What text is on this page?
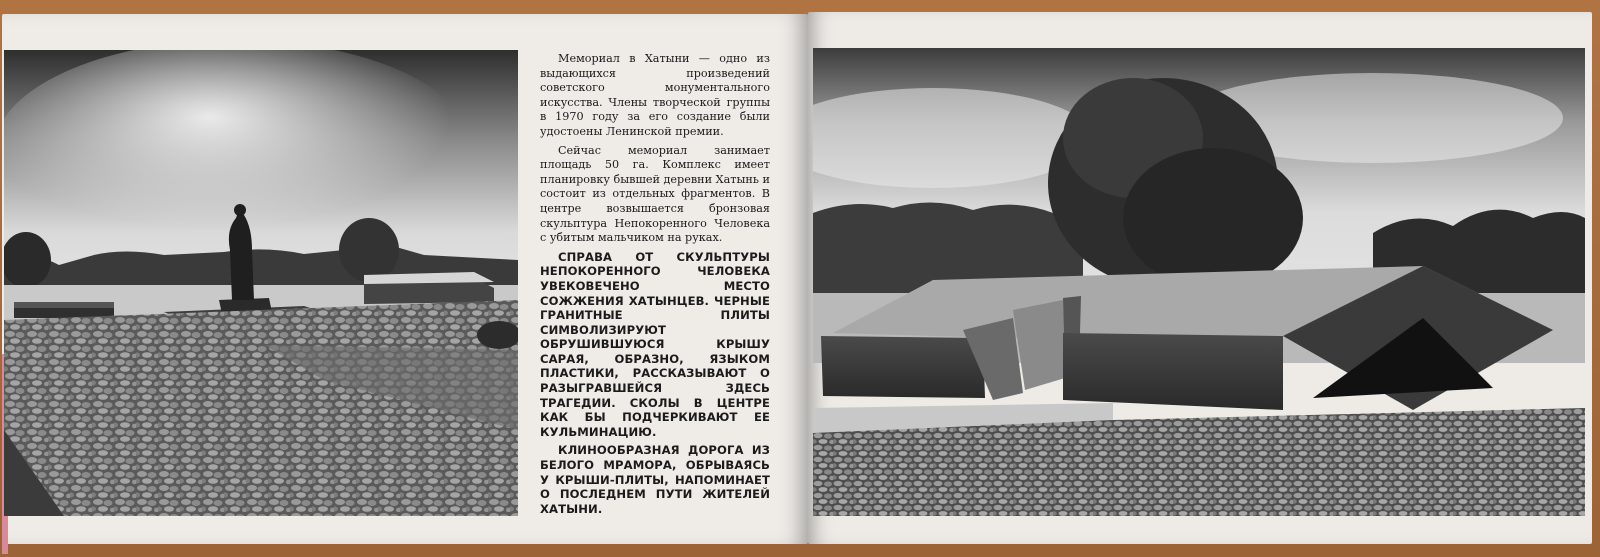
Мемориал в Хатыни — одно из выдающихся произведений советского монументального искусства. Члены творческой группы в 1970 году за его создание были удостоены Ленинской премии.

Сейчас мемориал занимает площадь 50 га. Комплекс имеет планировку бывшей деревни Хатынь и состоит из отдельных фрагментов. В центре возвышается бронзовая скульптура Непокоренного Человека с убитым мальчиком на руках.

СПРАВА ОТ СКУЛЬПТУРЫ НЕПОКОРЕННОГО ЧЕЛОВЕКА УВЕКОВЕЧЕНО МЕСТО СОЖЖЕНИЯ ХАТЫНЦЕВ. ЧЕРНЫЕ ГРАНИТНЫЕ ПЛИТЫ СИМВОЛИЗИРУЮТ ОБРУШИВШУЮСЯ КРЫШУ САРАЯ, ОБРАЗНО, ЯЗЫКОМ ПЛАСТИКИ, РАССКАЗЫВАЮТ О РАЗЫГРАВШЕЙСЯ ЗДЕСЬ ТРАГЕДИИ. СКОЛЫ В ЦЕНТРЕ КАК БЫ ПОДЧЕРКИВАЮТ ЕЕ КУЛЬМИНАЦИЮ.

КЛИНООБРАЗНАЯ ДОРОГА ИЗ БЕЛОГО МРАМОРА, ОБРЫВАЯСЬ У КРЫШИ-ПЛИТЫ, НАПОМИНАЕТ О ПОСЛЕДНЕМ ПУТИ ЖИТЕЛЕЙ ХАТЫНИ.
